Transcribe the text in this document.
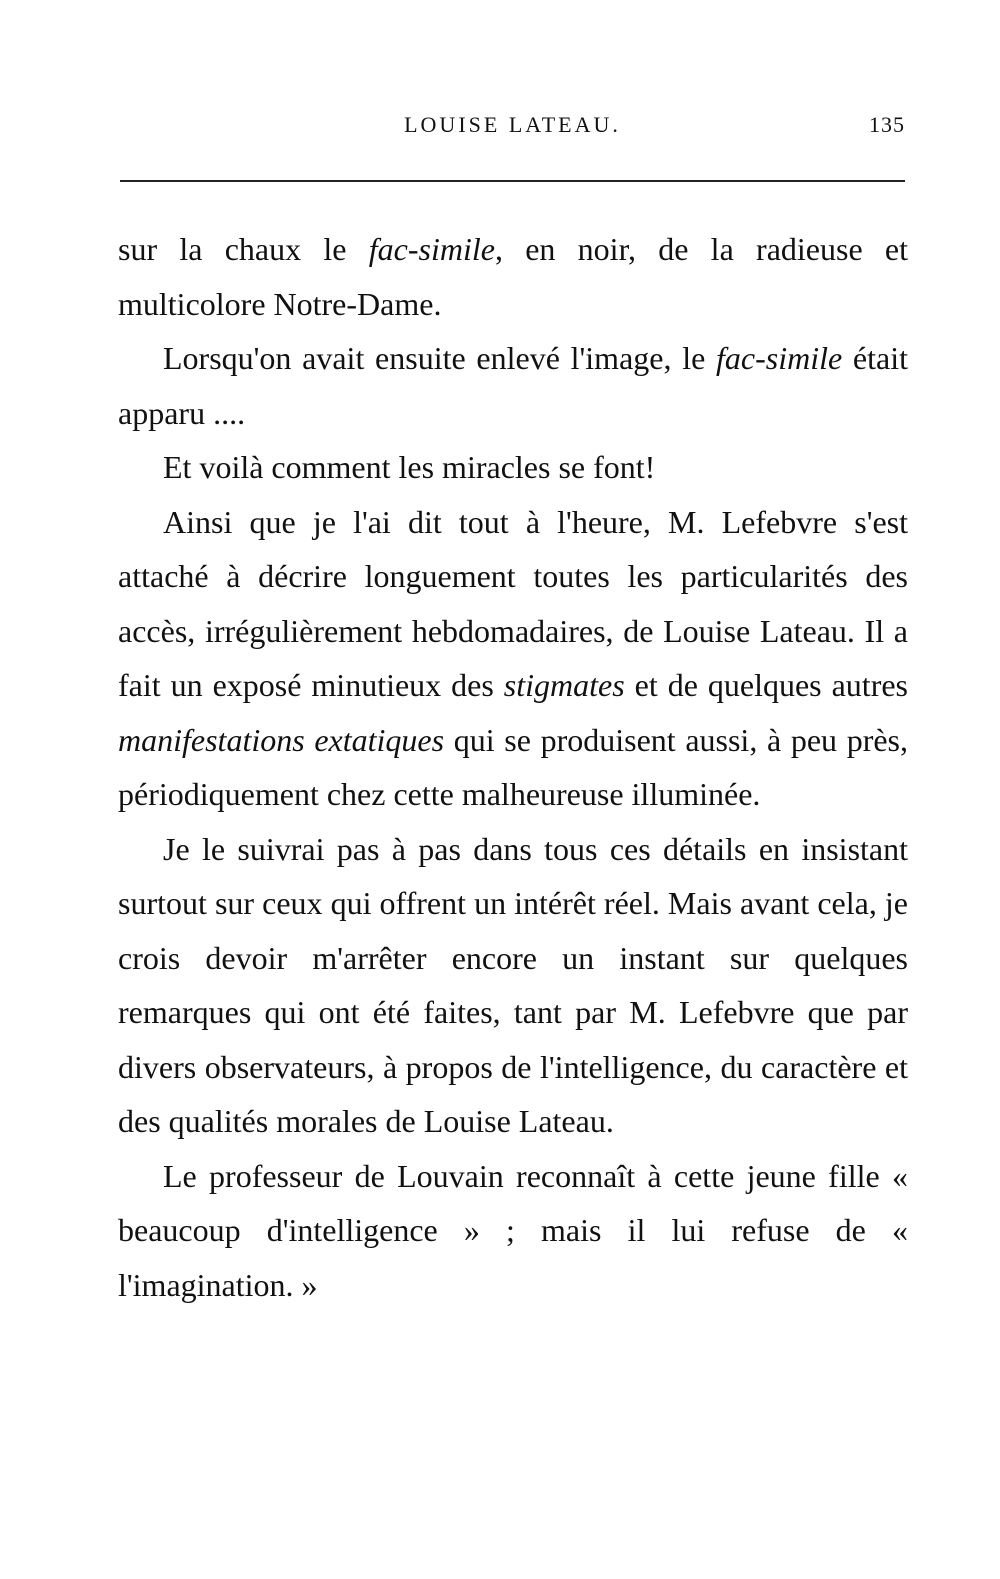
LOUISE LATEAU.	135

sur la chaux le fac-simile, en noir, de la radieuse et multicolore Notre-Dame.

Lorsqu'on avait ensuite enlevé l'image, le fac-simile était apparu ....

Et voilà comment les miracles se font!

Ainsi que je l'ai dit tout à l'heure, M. Lefebvre s'est attaché à décrire longuement toutes les particularités des accès, irrégulièrement hebdomadaires, de Louise Lateau. Il a fait un exposé minutieux des stigmates et de quelques autres manifestations extatiques qui se produisent aussi, à peu près, périodiquement chez cette malheureuse illuminée.

Je le suivrai pas à pas dans tous ces détails en insistant surtout sur ceux qui offrent un intérêt réel. Mais avant cela, je crois devoir m'arrêter encore un instant sur quelques remarques qui ont été faites, tant par M. Lefebvre que par divers observateurs, à propos de l'intelligence, du caractère et des qualités morales de Louise Lateau.

Le professeur de Louvain reconnaît à cette jeune fille « beaucoup d'intelligence » ; mais il lui refuse de « l'imagination. »
